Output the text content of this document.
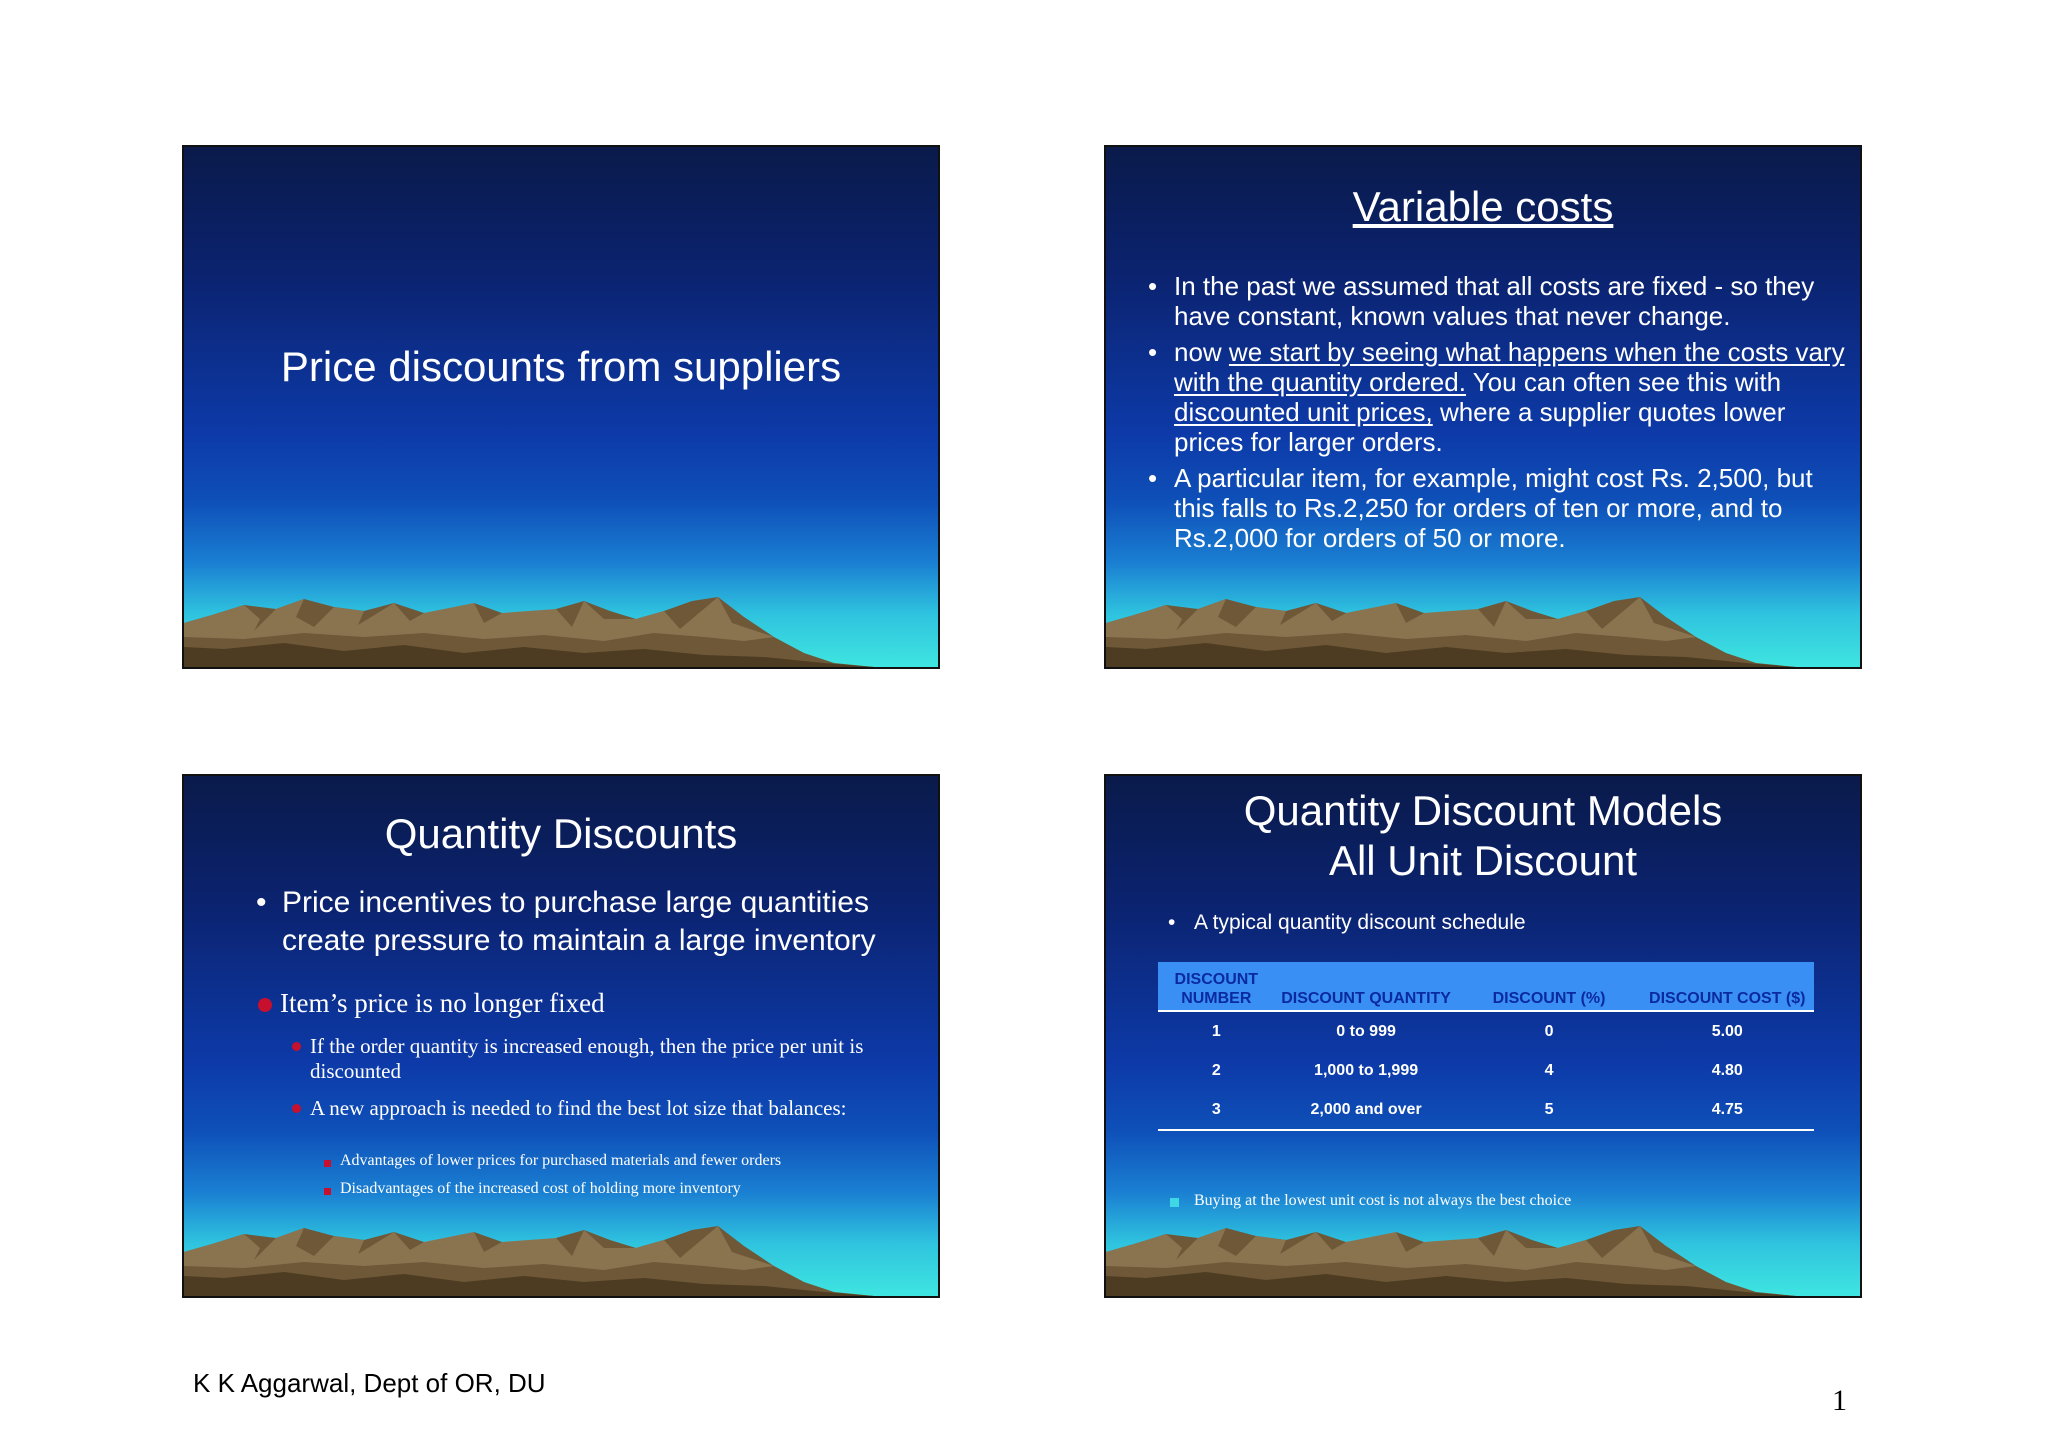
Price discounts from suppliers
Variable costs
• In the past we assumed that all costs are fixed - so they have constant, known values that never change.
• now we start by seeing what happens when the costs vary with the quantity ordered. You can often see this with discounted unit prices, where a supplier quotes lower prices for larger orders.
• A particular item, for example, might cost Rs. 2,500, but this falls to Rs.2,250 for orders of ten or more, and to Rs.2,000 for orders of 50 or more.
Quantity Discounts
• Price incentives to purchase large quantities create pressure to maintain a large inventory
Item’s price is no longer fixed
If the order quantity is increased enough, then the price per unit is discounted
A new approach is needed to find the best lot size that balances:
Advantages of lower prices for purchased materials and fewer orders
Disadvantages of the increased cost of holding more inventory
Quantity Discount Models
All Unit Discount
• A typical quantity discount schedule
DISCOUNT NUMBER	DISCOUNT QUANTITY	DISCOUNT (%)	DISCOUNT COST ($)
1	0 to 999	0	5.00
2	1,000 to 1,999	4	4.80
3	2,000 and over	5	4.75
Buying at the lowest unit cost is not always the best choice
K K Aggarwal, Dept of OR, DU
1
